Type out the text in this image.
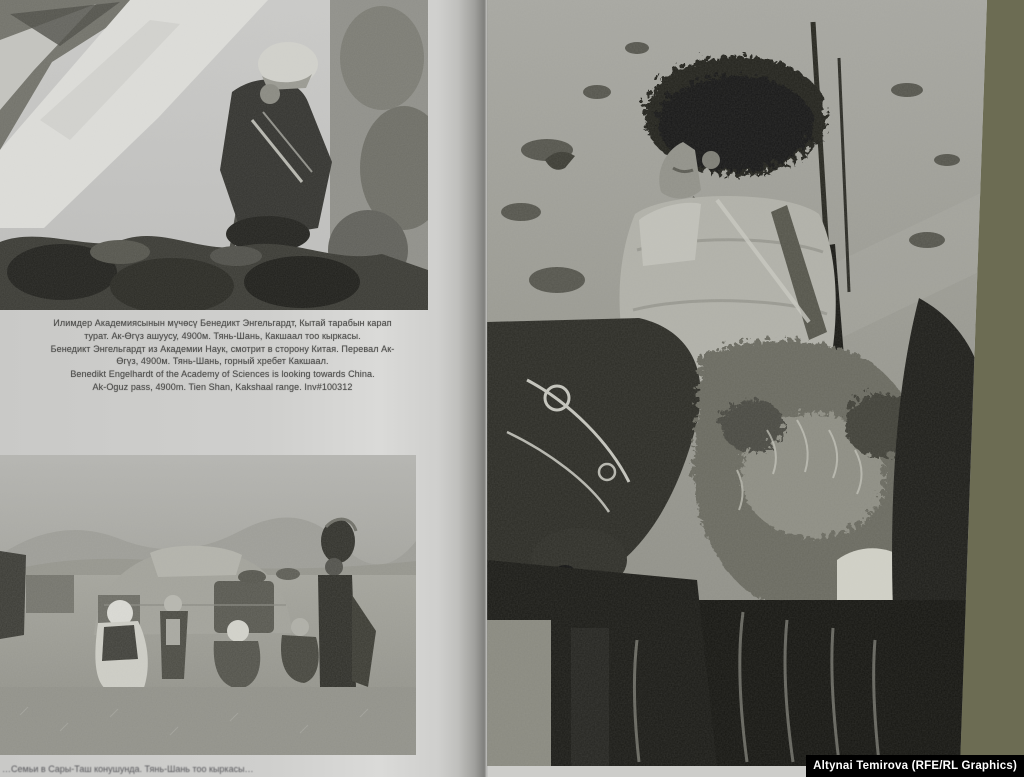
Илимдер Академиясынын мүчөсү Бенедикт Энгельгардт, Кытай тарабын карап
турат. Ак-Өгүз ашуусу, 4900м. Тянь-Шань, Какшаал тоо кыркасы.
Бенедикт Энгельгардт из Академии Наук, смотрит в сторону Китая. Перевал Ак-
Өгүз, 4900м. Тянь-Шань, горный хребет Какшаал.
Benedikt Engelhardt of the Academy of Sciences is looking towards China.
Ak-Oguz pass, 4900m. Tien Shan, Kakshaal range. Inv#100312
…Семьи в Сары-Таш конушунда. Тянь-Шань тоо кыркасы…	Altynai Temirova (RFE/RL Graphics)
